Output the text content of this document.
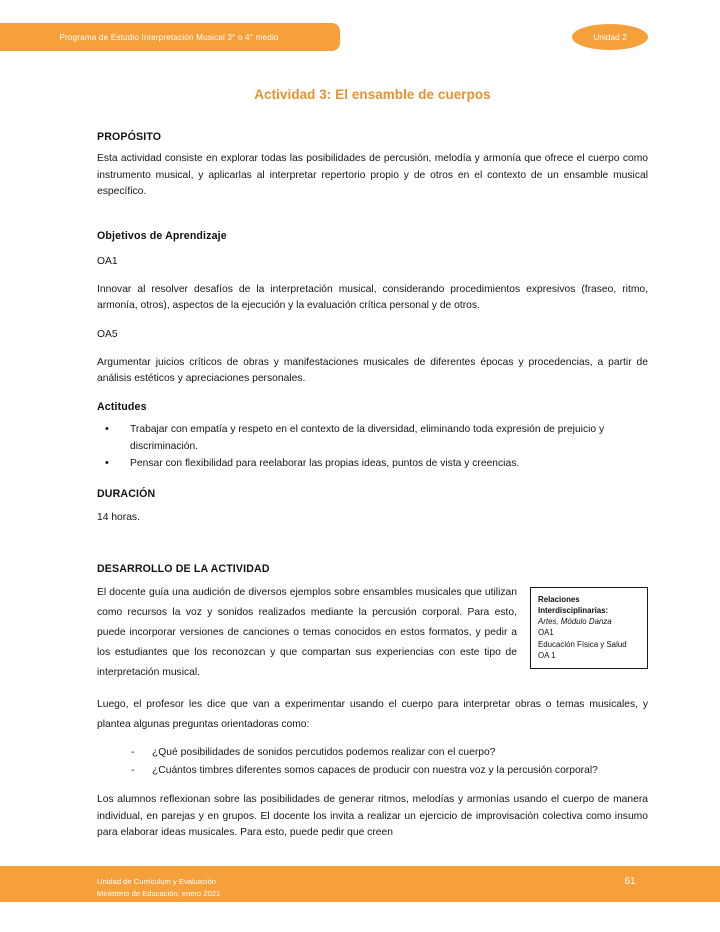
Programa de Estudio Interpretación Musical 3° o 4° medio	Unidad 2
Actividad 3: El ensamble de cuerpos
PROPÓSITO

Esta actividad consiste en explorar todas las posibilidades de percusión, melodía y armonía que ofrece el cuerpo como instrumento musical, y aplicarlas al interpretar repertorio propio y de otros en el contexto de un ensamble musical específico.

Objetivos de Aprendizaje

OA1

Innovar al resolver desafíos de la interpretación musical, considerando procedimientos expresivos (fraseo, ritmo, armonía, otros), aspectos de la ejecución y la evaluación crítica personal y de otros.

OA5

Argumentar juicios críticos de obras y manifestaciones musicales de diferentes épocas y procedencias, a partir de análisis estéticos y apreciaciones personales.

Actitudes
• Trabajar con empatía y respeto en el contexto de la diversidad, eliminando toda expresión de prejuicio y discriminación.
• Pensar con flexibilidad para reelaborar las propias ideas, puntos de vista y creencias.
DURACIÓN

14 horas.

DESARROLLO DE LA ACTIVIDAD
Relaciones
Interdisciplinarias:
Artes, Módulo Danza
OA1
Educación Física y Salud
OA 1

El docente guía una audición de diversos ejemplos sobre ensambles musicales que utilizan como recursos la voz y sonidos realizados mediante la percusión corporal. Para esto, puede incorporar versiones de canciones o temas conocidos en estos formatos, y pedir a los estudiantes que los reconozcan y que compartan sus experiencias con este tipo de interpretación musical.

Luego, el profesor les dice que van a experimentar usando el cuerpo para interpretar obras o temas musicales, y plantea algunas preguntas orientadoras como:

- ¿Qué posibilidades de sonidos percutidos podemos realizar con el cuerpo?
- ¿Cuántos timbres diferentes somos capaces de producir con nuestra voz y la percusión corporal?

Los alumnos reflexionan sobre las posibilidades de generar ritmos, melodías y armonías usando el cuerpo de manera individual, en parejas y en grupos. El docente los invita a realizar un ejercicio de improvisación colectiva como insumo para elaborar ideas musicales. Para esto, puede pedir que creen

Unidad de Currículum y Evaluación
Ministerio de Educación, enero 2021
61
